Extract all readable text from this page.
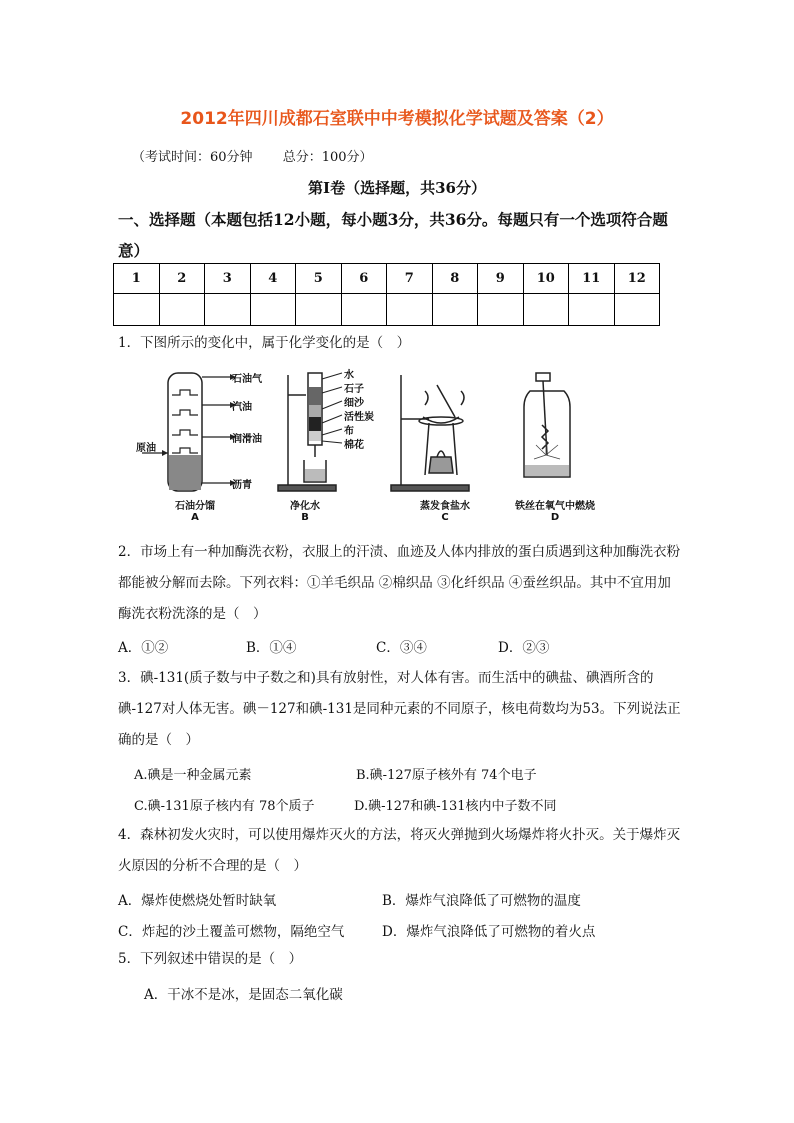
2012年四川成都石室联中中考模拟化学试题及答案（2）
（考试时间：60分钟 总分：100分）
第Ⅰ卷（选择题，共36分）
一、选择题（本题包括12小题，每小题3分，共36分。每题只有一个选项符合题意）
1	2	3	4	5	6	7	8	9	10	11	12

1．下图所示的变化中，属于化学变化的是（　）
石油气
汽油
润滑油
沥青
原油
石油分馏
A
水
石子
细沙
活性炭
布
棉花
净化水
B
蒸发食盐水
C
铁丝在氧气中燃烧
D
2．市场上有一种加酶洗衣粉，衣服上的汗渍、血迹及人体内排放的蛋白质遇到这种加酶洗衣粉都能被分解而去除。下列衣料：①羊毛织品 ②棉织品 ③化纤织品 ④蚕丝织品。其中不宜用加酶洗衣粉洗涤的是（　）
A．①②	B．①④	C．③④	D．②③
3．碘-131(质子数与中子数之和)具有放射性，对人体有害。而生活中的碘盐、碘酒所含的碘-127对人体无害。碘－127和碘-131是同种元素的不同原子，核电荷数均为53。下列说法正确的是（　）
A.碘是一种金属元素	B.碘-127原子核外有 74个电子
C.碘-131原子核内有 78个质子	D.碘-127和碘-131核内中子数不同
4．森林初发火灾时，可以使用爆炸灭火的方法，将灭火弹抛到火场爆炸将火扑灭。关于爆炸灭火原因的分析不合理的是（　）
A．爆炸使燃烧处暂时缺氧	B．爆炸气浪降低了可燃物的温度
C．炸起的沙土覆盖可燃物，隔绝空气	D．爆炸气浪降低了可燃物的着火点
5．下列叙述中错误的是（　）
A．干冰不是冰，是固态二氧化碳
